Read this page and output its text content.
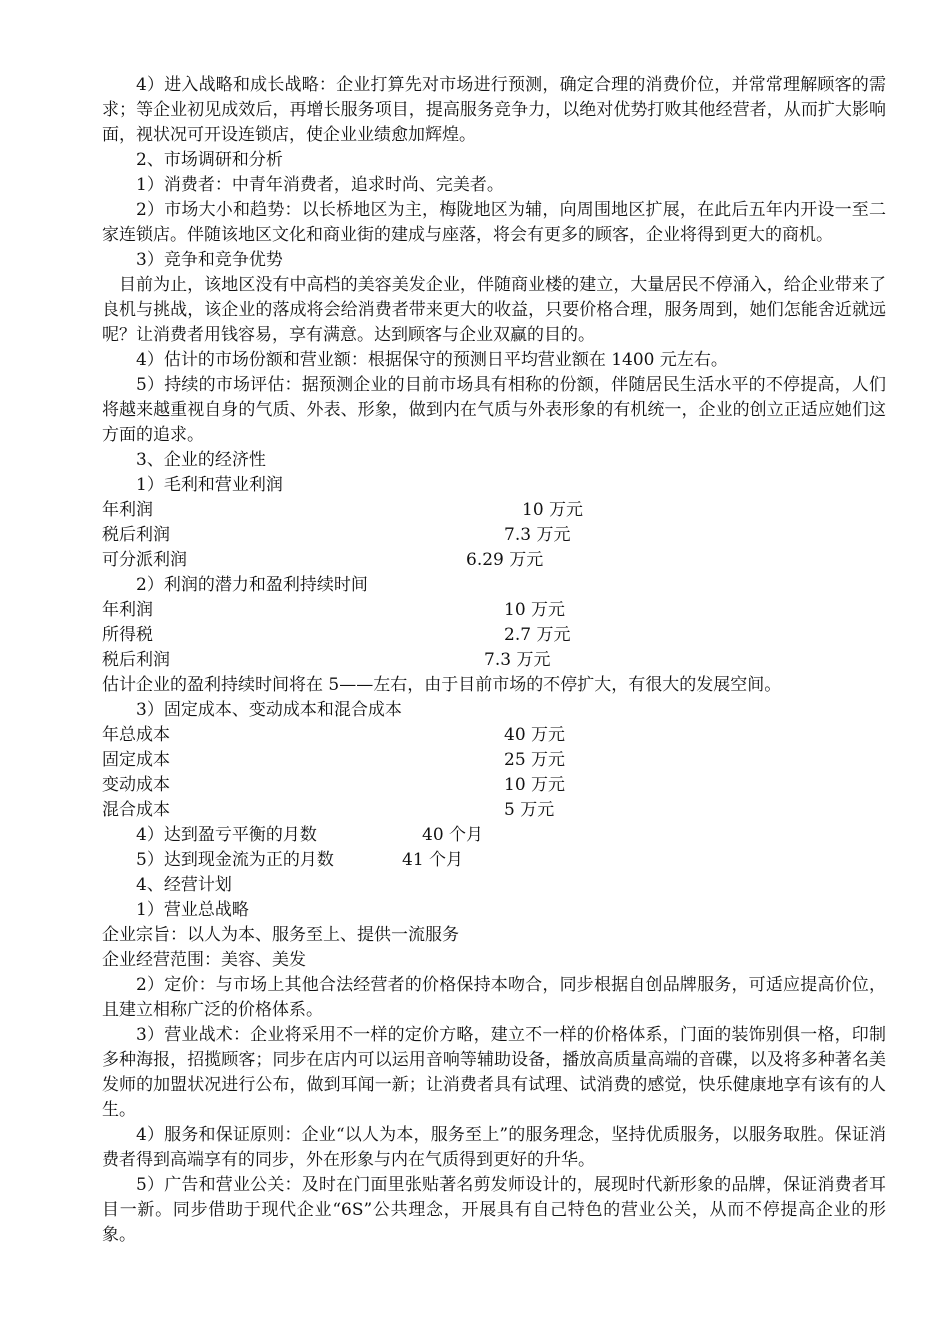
4）进入战略和成长战略：企业打算先对市场进行预测，确定合理的消费价位，并常常理解顾客的需求；等企业初见成效后，再增长服务项目，提高服务竞争力，以绝对优势打败其他经营者，从而扩大影响面，视状况可开设连锁店，使企业业绩愈加辉煌。

2、市场调研和分析

1）消费者：中青年消费者，追求时尚、完美者。

2）市场大小和趋势：以长桥地区为主，梅陇地区为辅，向周围地区扩展，在此后五年内开设一至二家连锁店。伴随该地区文化和商业街的建成与座落，将会有更多的顾客，企业将得到更大的商机。

3）竞争和竞争优势

目前为止，该地区没有中高档的美容美发企业，伴随商业楼的建立，大量居民不停涌入，给企业带来了良机与挑战，该企业的落成将会给消费者带来更大的收益，只要价格合理，服务周到，她们怎能舍近就远呢？让消费者用钱容易，享有满意。达到顾客与企业双赢的目的。

4）估计的市场份额和营业额：根据保守的预测日平均营业额在 1400 元左右。

5）持续的市场评估：据预测企业的目前市场具有相称的份额，伴随居民生活水平的不停提高，人们将越来越重视自身的气质、外表、形象，做到内在气质与外表形象的有机统一，企业的创立正适应她们这方面的追求。

3、企业的经济性

1）毛利和营业利润

年利润	10 万元
税后利润	7.3 万元
可分派利润	6.29 万元

2）利润的潜力和盈利持续时间

年利润	10 万元
所得税	2.7 万元
税后利润	7.3 万元

估计企业的盈利持续时间将在 5——左右，由于目前市场的不停扩大，有很大的发展空间。

3）固定成本、变动成本和混合成本

年总成本	40 万元
固定成本	25 万元
变动成本	10 万元
混合成本	5 万元
4）达到盈亏平衡的月数	40 个月
5）达到现金流为正的月数	41 个月

4、经营计划

1）营业总战略

企业宗旨：以人为本、服务至上、提供一流服务

企业经营范围：美容、美发

2）定价：与市场上其他合法经营者的价格保持本吻合，同步根据自创品牌服务，可适应提高价位，且建立相称广泛的价格体系。

3）营业战术：企业将采用不一样的定价方略，建立不一样的价格体系，门面的装饰别俱一格，印制多种海报，招揽顾客；同步在店内可以运用音响等辅助设备，播放高质量高端的音碟，以及将多种著名美发师的加盟状况进行公布，做到耳闻一新；让消费者具有试理、试消费的感觉，快乐健康地享有该有的人生。

4）服务和保证原则：企业“以人为本，服务至上”的服务理念，坚持优质服务，以服务取胜。保证消费者得到高端享有的同步，外在形象与内在气质得到更好的升华。

5）广告和营业公关：及时在门面里张贴著名剪发师设计的，展现时代新形象的品牌，保证消费者耳目一新。同步借助于现代企业“6S”公共理念，开展具有自己特色的营业公关，从而不停提高企业的形象。
